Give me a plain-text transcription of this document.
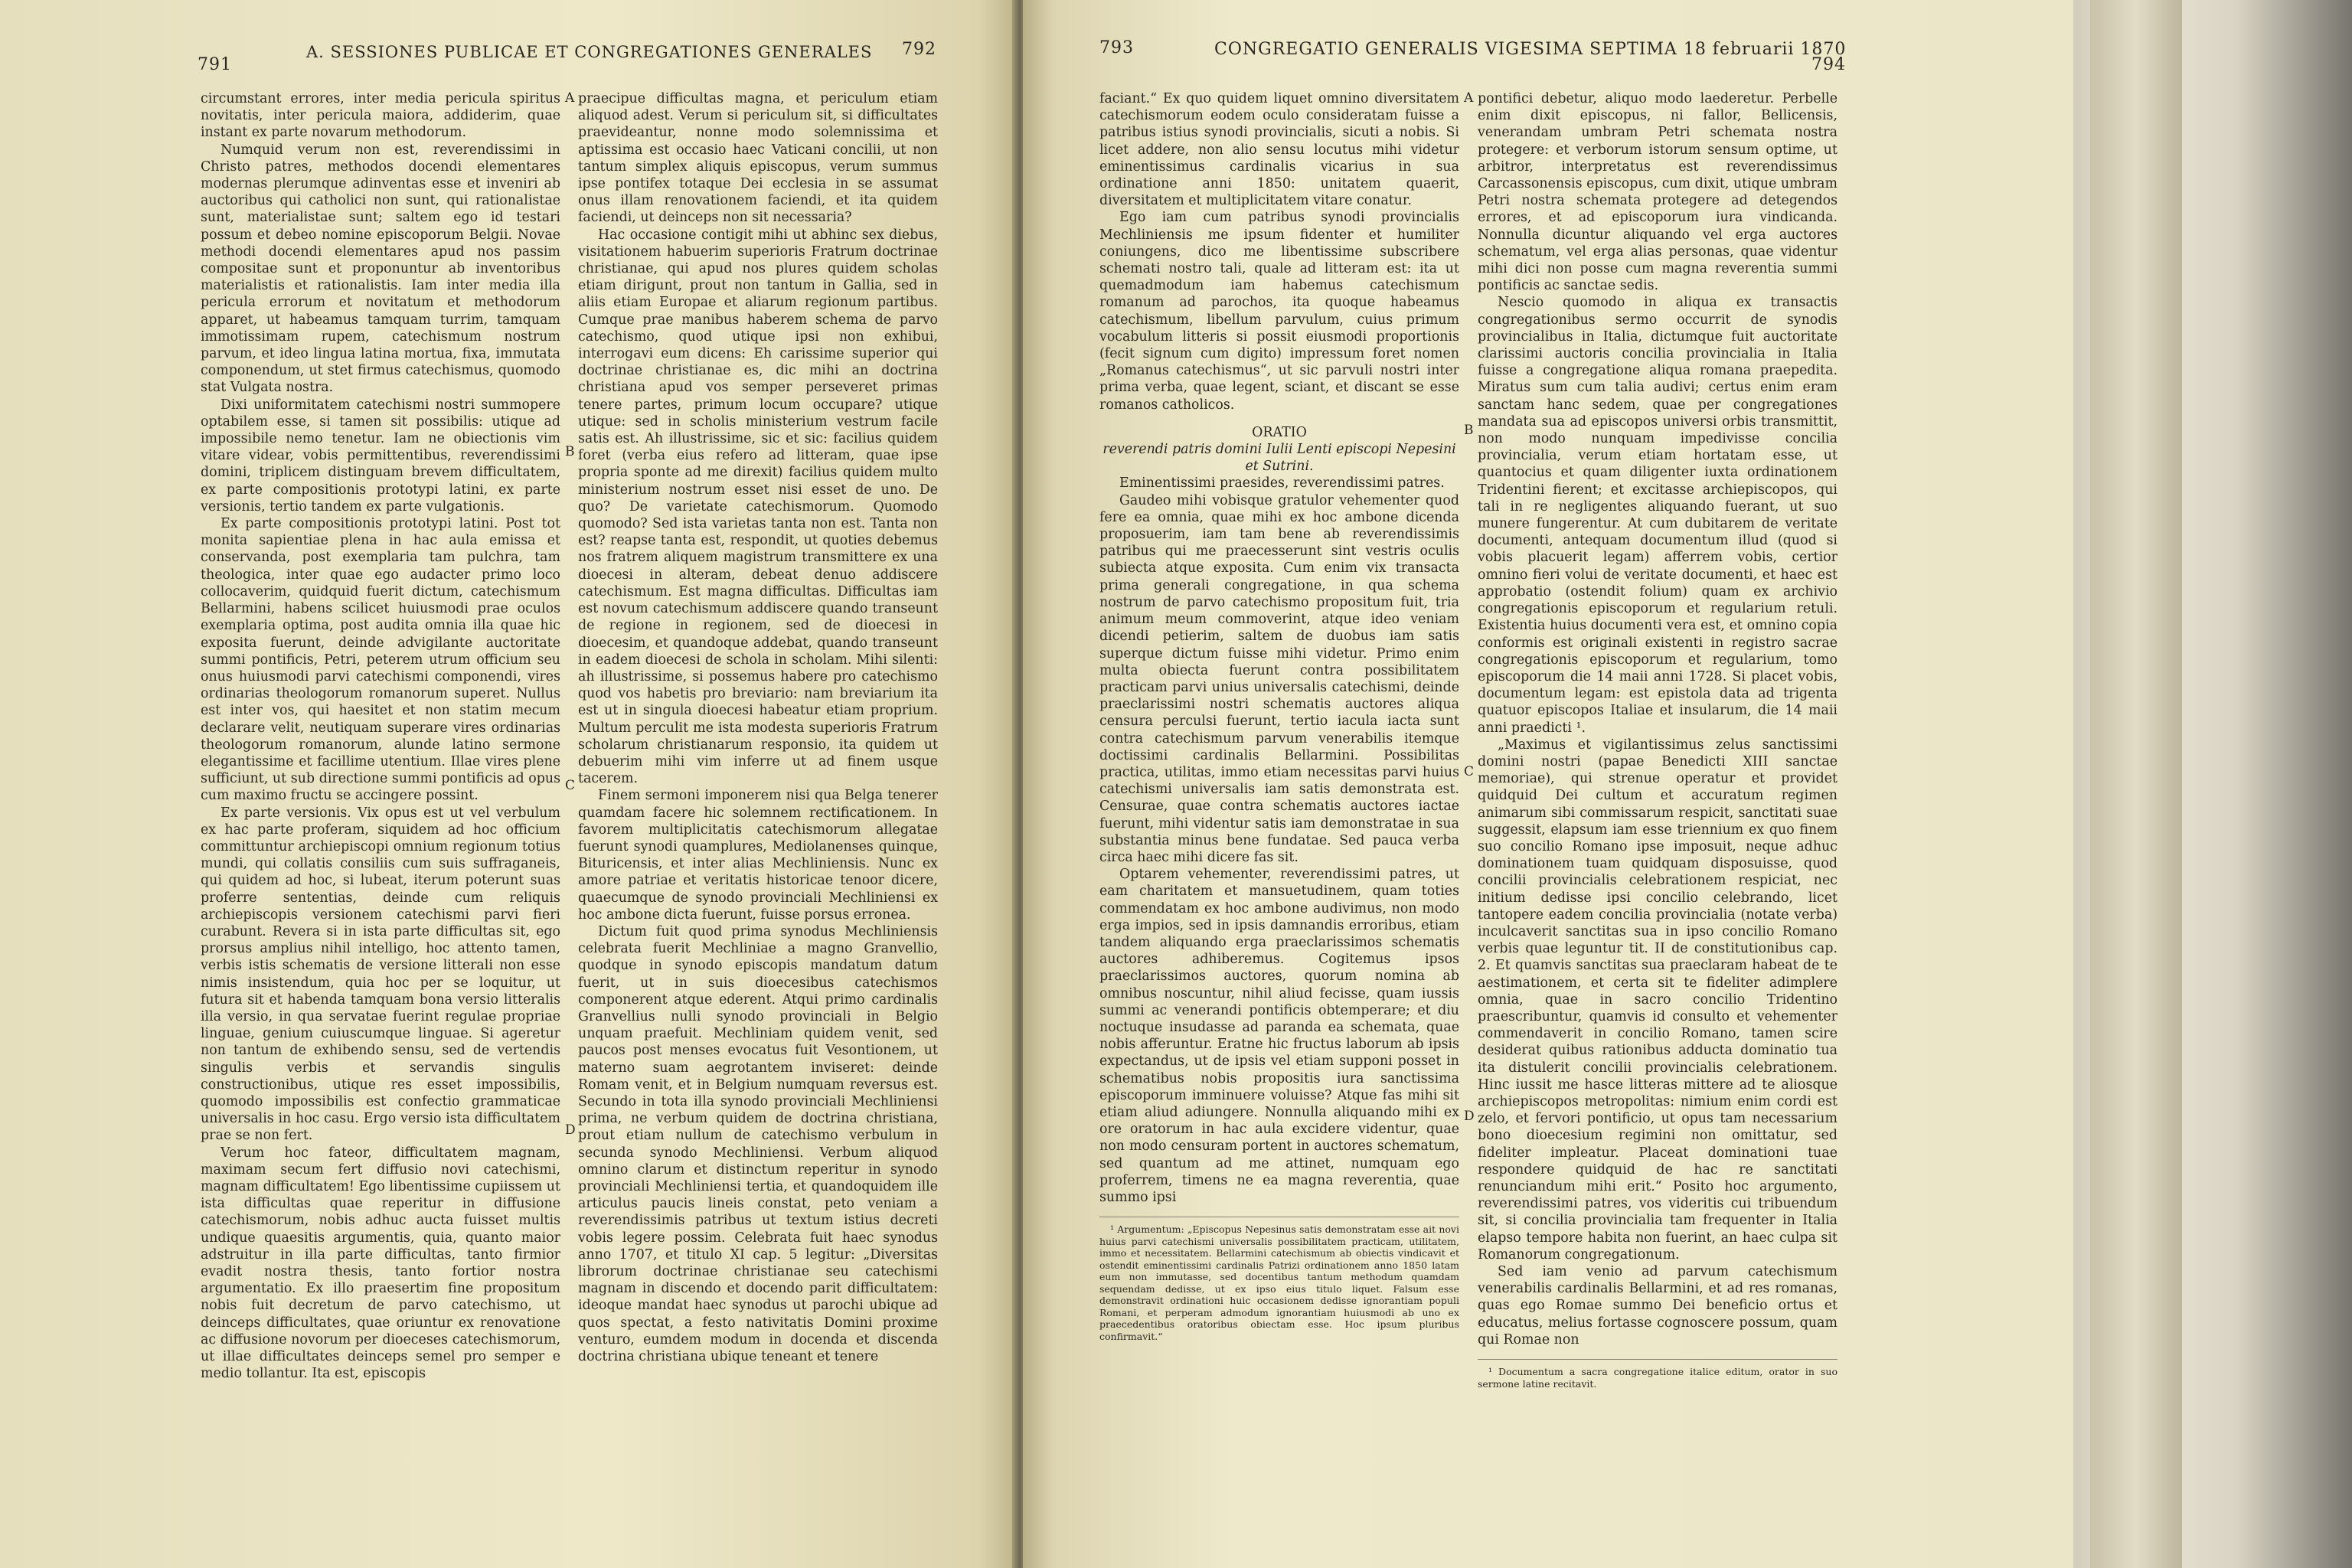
791
A. SESSIONES PUBLICAE ET CONGREGATIONES GENERALES 792

circumstant errores, inter media pericula spiritus novitatis, inter pericula maiora, addiderim, quae instant ex parte novarum methodorum.

Numquid verum non est, reverendissimi in Christo patres, methodos docendi elementares modernas plerumque adinventas esse et inveniri ab auctoribus qui catholici non sunt, qui rationalistae sunt, materialistae sunt; saltem ego id testari possum et debeo nomine episcoporum Belgii. Novae methodi docendi elementares apud nos passim compositae sunt et proponuntur ab inventoribus materialistis et rationalistis. Iam inter media illa pericula errorum et novitatum et methodorum apparet, ut habeamus tamquam turrim, tamquam immotissimam rupem, catechismum nostrum parvum, et ideo lingua latina mortua, fixa, immutata componendum, ut stet firmus catechismus, quomodo stat Vulgata nostra.

Dixi uniformitatem catechismi nostri summopere optabilem esse, si tamen sit possibilis: utique ad impossibile nemo tenetur. Iam ne obiectionis vim vitare videar, vobis permittentibus, reverendissimi domini, triplicem distinguam brevem difficultatem, ex parte compositionis prototypi latini, ex parte versionis, tertio tandem ex parte vulgationis.

Ex parte compositionis prototypi latini. Post tot monita sapientiae plena in hac aula emissa et conservanda, post exemplaria tam pulchra, tam theologica, inter quae ego audacter primo loco collocaverim, quidquid fuerit dictum, catechismum Bellarmini, habens scilicet huiusmodi prae oculos exemplaria optima, post audita omnia illa quae hic exposita fuerunt, deinde advigilante auctoritate summi pontificis, Petri, peterem utrum officium seu onus huiusmodi parvi catechismi componendi, vires ordinarias theologorum romanorum superet. Nullus est inter vos, qui haesitet et non statim mecum declarare velit, neutiquam superare vires ordinarias theologorum romanorum, alunde latino sermone elegantissime et facillime utentium. Illae vires plene sufficiunt, ut sub directione summi pontificis ad opus cum maximo fructu se accingere possint.

Ex parte versionis. Vix opus est ut vel verbulum ex hac parte proferam, siquidem ad hoc officium committuntur archiepiscopi omnium regionum totius mundi, qui collatis consiliis cum suis suffraganeis, qui quidem ad hoc, si lubeat, iterum poterunt suas proferre sententias, deinde cum reliquis archiepiscopis versionem catechismi parvi fieri curabunt. Revera si in ista parte difficultas sit, ego prorsus amplius nihil intelligo, hoc attento tamen, verbis istis schematis de versione litterali non esse nimis insistendum, quia hoc per se loquitur, ut futura sit et habenda tamquam bona versio litteralis illa versio, in qua servatae fuerint regulae propriae linguae, genium cuiuscumque linguae. Si ageretur non tantum de exhibendo sensu, sed de vertendis singulis verbis et servandis singulis constructionibus, utique res esset impossibilis, quomodo impossibilis est confectio grammaticae universalis in hoc casu. Ergo versio ista difficultatem prae se non fert.

Verum hoc fateor, difficultatem magnam, maximam secum fert diffusio novi catechismi, magnam difficultatem! Ego libentissime cupiissem ut ista difficultas quae reperitur in diffusione catechismorum, nobis adhuc aucta fuisset multis undique quaesitis argumentis, quia, quanto maior adstruitur in illa parte difficultas, tanto firmior evadit nostra thesis, tanto fortior nostra argumentatio. Ex illo praesertim fine propositum nobis fuit decretum de parvo catechismo, ut deinceps difficultates, quae oriuntur ex renovatione ac diffusione novorum per dioeceses catechismorum, ut illae difficultates deinceps semel pro semper e medio tollantur. Ita est, episcopis

A
B
C
D

praecipue difficultas magna, et periculum etiam aliquod adest. Verum si periculum sit, si difficultates praevideantur, nonne modo solemnissima et aptissima est occasio haec Vaticani concilii, ut non tantum simplex aliquis episcopus, verum summus ipse pontifex totaque Dei ecclesia in se assumat onus illam renovationem faciendi, et ita quidem faciendi, ut deinceps non sit necessaria?

Hac occasione contigit mihi ut abhinc sex diebus, visitationem habuerim superioris Fratrum doctrinae christianae, qui apud nos plures quidem scholas etiam dirigunt, prout non tantum in Gallia, sed in aliis etiam Europae et aliarum regionum partibus. Cumque prae manibus haberem schema de parvo catechismo, quod utique ipsi non exhibui, interrogavi eum dicens: Eh carissime superior qui doctrinae christianae es, dic mihi an doctrina christiana apud vos semper perseveret primas tenere partes, primum locum occupare? utique utique: sed in scholis ministerium vestrum facile satis est. Ah illustrissime, sic et sic: facilius quidem foret (verba eius refero ad litteram, quae ipse propria sponte ad me direxit) facilius quidem multo ministerium nostrum esset nisi esset de uno. De quo? De varietate catechismorum. Quomodo quomodo? Sed ista varietas tanta non est. Tanta non est? reapse tanta est, respondit, ut quoties debemus nos fratrem aliquem magistrum transmittere ex una dioecesi in alteram, debeat denuo addiscere catechismum. Est magna difficultas. Difficultas iam est novum catechismum addiscere quando transeunt de regione in regionem, sed de dioecesi in dioecesim, et quandoque addebat, quando transeunt in eadem dioecesi de schola in scholam. Mihi silenti: ah illustrissime, si possemus habere pro catechismo quod vos habetis pro breviario: nam breviarium ita est ut in singula dioecesi habeatur etiam proprium. Multum perculit me ista modesta superioris Fratrum scholarum christianarum responsio, ita quidem ut debuerim mihi vim inferre ut ad finem usque tacerem.

Finem sermoni imponerem nisi qua Belga tenerer quamdam facere hic solemnem rectificationem. In favorem multiplicitatis catechismorum allegatae fuerunt synodi quamplures, Mediolanenses quinque, Bituricensis, et inter alias Mechliniensis. Nunc ex amore patriae et veritatis historicae tenoor dicere, quaecumque de synodo provinciali Mechliniensi ex hoc ambone dicta fuerunt, fuisse porsus erronea.

Dictum fuit quod prima synodus Mechliniensis celebrata fuerit Mechliniae a magno Granvellio, quodque in synodo episcopis mandatum datum fuerit, ut in suis dioecesibus catechismos componerent atque ederent. Atqui primo cardinalis Granvellius nulli synodo provinciali in Belgio unquam praefuit. Mechliniam quidem venit, sed paucos post menses evocatus fuit Vesontionem, ut materno suam aegrotantem inviseret: deinde Romam venit, et in Belgium numquam reversus est. Secundo in tota illa synodo provinciali Mechliniensi prima, ne verbum quidem de doctrina christiana, prout etiam nullum de catechismo verbulum in secunda synodo Mechliniensi. Verbum aliquod omnino clarum et distinctum reperitur in synodo provinciali Mechliniensi tertia, et quandoquidem ille articulus paucis lineis constat, peto veniam a reverendissimis patribus ut textum istius decreti vobis legere possim. Celebrata fuit haec synodus anno 1707, et titulo XI cap. 5 legitur: „Diversitas librorum doctrinae christianae seu catechismi magnam in discendo et docendo parit difficultatem: ideoque mandat haec synodus ut parochi ubique ad quos spectat, a festo nativitatis Domini proxime venturo, eumdem modum in docenda et discenda doctrina christiana ubique teneant et tenere

793	CONGREGATIO GENERALIS VIGESIMA SEPTIMA 18 februarii 1870
794

faciant.“ Ex quo quidem liquet omnino diversitatem catechismorum eodem oculo consideratam fuisse a patribus istius synodi provincialis, sicuti a nobis. Si licet addere, non alio sensu locutus mihi videtur eminentissimus cardinalis vicarius in sua ordinatione anni 1850: unitatem quaerit, diversitatem et multiplicitatem vitare conatur.

Ego iam cum patribus synodi provincialis Mechliniensis me ipsum fidenter et humiliter coniungens, dico me libentissime subscribere schemati nostro tali, quale ad litteram est: ita ut quemadmodum iam habemus catechismum romanum ad parochos, ita quoque habeamus catechismum, libellum parvulum, cuius primum vocabulum litteris si possit eiusmodi proportionis (fecit signum cum digito) impressum foret nomen „Romanus catechismus“, ut sic parvuli nostri inter prima verba, quae legent, sciant, et discant se esse romanos catholicos.

ORATIO

reverendi patris domini Iulii Lenti episcopi Nepesini et Sutrini.

Eminentissimi praesides, reverendissimi patres.

Gaudeo mihi vobisque gratulor vehementer quod fere ea omnia, quae mihi ex hoc ambone dicenda proposuerim, iam tam bene ab reverendissimis patribus qui me praecesserunt sint vestris oculis subiecta atque exposita. Cum enim vix transacta prima generali congregatione, in qua schema nostrum de parvo catechismo propositum fuit, tria animum meum commoverint, atque ideo veniam dicendi petierim, saltem de duobus iam satis superque dictum fuisse mihi videtur. Primo enim multa obiecta fuerunt contra possibilitatem practicam parvi unius universalis catechismi, deinde praeclarissimi nostri schematis auctores aliqua censura perculsi fuerunt, tertio iacula iacta sunt contra catechismum parvum venerabilis itemque doctissimi cardinalis Bellarmini. Possibilitas practica, utilitas, immo etiam necessitas parvi huius catechismi universalis iam satis demonstrata est. Censurae, quae contra schematis auctores iactae fuerunt, mihi videntur satis iam demonstratae in sua substantia minus bene fundatae. Sed pauca verba circa haec mihi dicere fas sit.

Optarem vehementer, reverendissimi patres, ut eam charitatem et mansuetudinem, quam toties commendatam ex hoc ambone audivimus, non modo erga impios, sed in ipsis damnandis erroribus, etiam tandem aliquando erga praeclarissimos schematis auctores adhiberemus. Cogitemus ipsos praeclarissimos auctores, quorum nomina ab omnibus noscuntur, nihil aliud fecisse, quam iussis summi ac venerandi pontificis obtemperare; et diu noctuque insudasse ad paranda ea schemata, quae nobis afferuntur. Eratne hic fructus laborum ab ipsis expectandus, ut de ipsis vel etiam supponi posset in schematibus nobis propositis iura sanctissima episcoporum imminuere voluisse? Atque fas mihi sit etiam aliud adiungere. Nonnulla aliquando mihi ex ore oratorum in hac aula excidere videntur, quae non modo censuram portent in auctores schematum, sed quantum ad me attinet, numquam ego proferrem, timens ne ea magna reverentia, quae summo ipsi

¹ Argumentum: „Episcopus Nepesinus satis demonstratam esse ait novi huius parvi catechismi universalis possibilitatem practicam, utilitatem, immo et necessitatem. Bellarmini catechismum ab obiectis vindicavit et ostendit eminentissimi cardinalis Patrizi ordinationem anno 1850 latam eum non immutasse, sed docentibus tantum methodum quamdam sequendam dedisse, ut ex ipso eius titulo liquet. Falsum esse demonstravit ordinationi huic occasionem dedisse ignorantiam populi Romani, et perperam admodum ignorantiam huiusmodi ab uno ex praecedentibus oratoribus obiectam esse. Hoc ipsum pluribus confirmavit.“

A
B
C
D

pontifici debetur, aliquo modo laederetur. Perbelle enim dixit episcopus, ni fallor, Bellicensis, venerandam umbram Petri schemata nostra protegere: et verborum istorum sensum optime, ut arbitror, interpretatus est reverendissimus Carcassonensis episcopus, cum dixit, utique umbram Petri nostra schemata protegere ad detegendos errores, et ad episcoporum iura vindicanda. Nonnulla dicuntur aliquando vel erga auctores schematum, vel erga alias personas, quae videntur mihi dici non posse cum magna reverentia summi pontificis ac sanctae sedis.

Nescio quomodo in aliqua ex transactis congregationibus sermo occurrit de synodis provincialibus in Italia, dictumque fuit auctoritate clarissimi auctoris concilia provincialia in Italia fuisse a congregatione aliqua romana praepedita. Miratus sum cum talia audivi; certus enim eram sanctam hanc sedem, quae per congregationes mandata sua ad episcopos universi orbis transmittit, non modo nunquam impedivisse concilia provincialia, verum etiam hortatam esse, ut quantocius et quam diligenter iuxta ordinationem Tridentini fierent; et excitasse archiepiscopos, qui tali in re negligentes aliquando fuerant, ut suo munere fungerentur. At cum dubitarem de veritate documenti, antequam documentum illud (quod si vobis placuerit legam) afferrem vobis, certior omnino fieri volui de veritate documenti, et haec est approbatio (ostendit folium) quam ex archivio congregationis episcoporum et regularium retuli. Existentia huius documenti vera est, et omnino copia conformis est originali existenti in registro sacrae congregationis episcoporum et regularium, tomo episcoporum die 14 maii anni 1728. Si placet vobis, documentum legam: est epistola data ad trigenta quatuor episcopos Italiae et insularum, die 14 maii anni praedicti ¹.

„Maximus et vigilantissimus zelus sanctissimi domini nostri (papae Benedicti XIII sanctae memoriae), qui strenue operatur et providet quidquid Dei cultum et accuratum regimen animarum sibi commissarum respicit, sanctitati suae suggessit, elapsum iam esse triennium ex quo finem suo concilio Romano ipse imposuit, neque adhuc dominationem tuam quidquam disposuisse, quod concilii provincialis celebrationem respiciat, nec initium dedisse ipsi concilio celebrando, licet tantopere eadem concilia provincialia (notate verba) inculcaverit sanctitas sua in ipso concilio Romano verbis quae leguntur tit. II de constitutionibus cap. 2. Et quamvis sanctitas sua praeclaram habeat de te aestimationem, et certa sit te fideliter adimplere omnia, quae in sacro concilio Tridentino praescribuntur, quamvis id consulto et vehementer commendaverit in concilio Romano, tamen scire desiderat quibus rationibus adducta dominatio tua ita distulerit concilii provincialis celebrationem. Hinc iussit me hasce litteras mittere ad te aliosque archiepiscopos metropolitas: nimium enim cordi est zelo, et fervori pontificio, ut opus tam necessarium bono dioecesium regimini non omittatur, sed fideliter impleatur. Placeat dominationi tuae respondere quidquid de hac re sanctitati renunciandum mihi erit.“ Posito hoc argumento, reverendissimi patres, vos videritis cui tribuendum sit, si concilia provincialia tam frequenter in Italia elapso tempore habita non fuerint, an haec culpa sit Romanorum congregationum.

Sed iam venio ad parvum catechismum venerabilis cardinalis Bellarmini, et ad res romanas, quas ego Romae summo Dei beneficio ortus et educatus, melius fortasse cognoscere possum, quam qui Romae non

¹ Documentum a sacra congregatione italice editum, orator in suo sermone latine recitavit.
